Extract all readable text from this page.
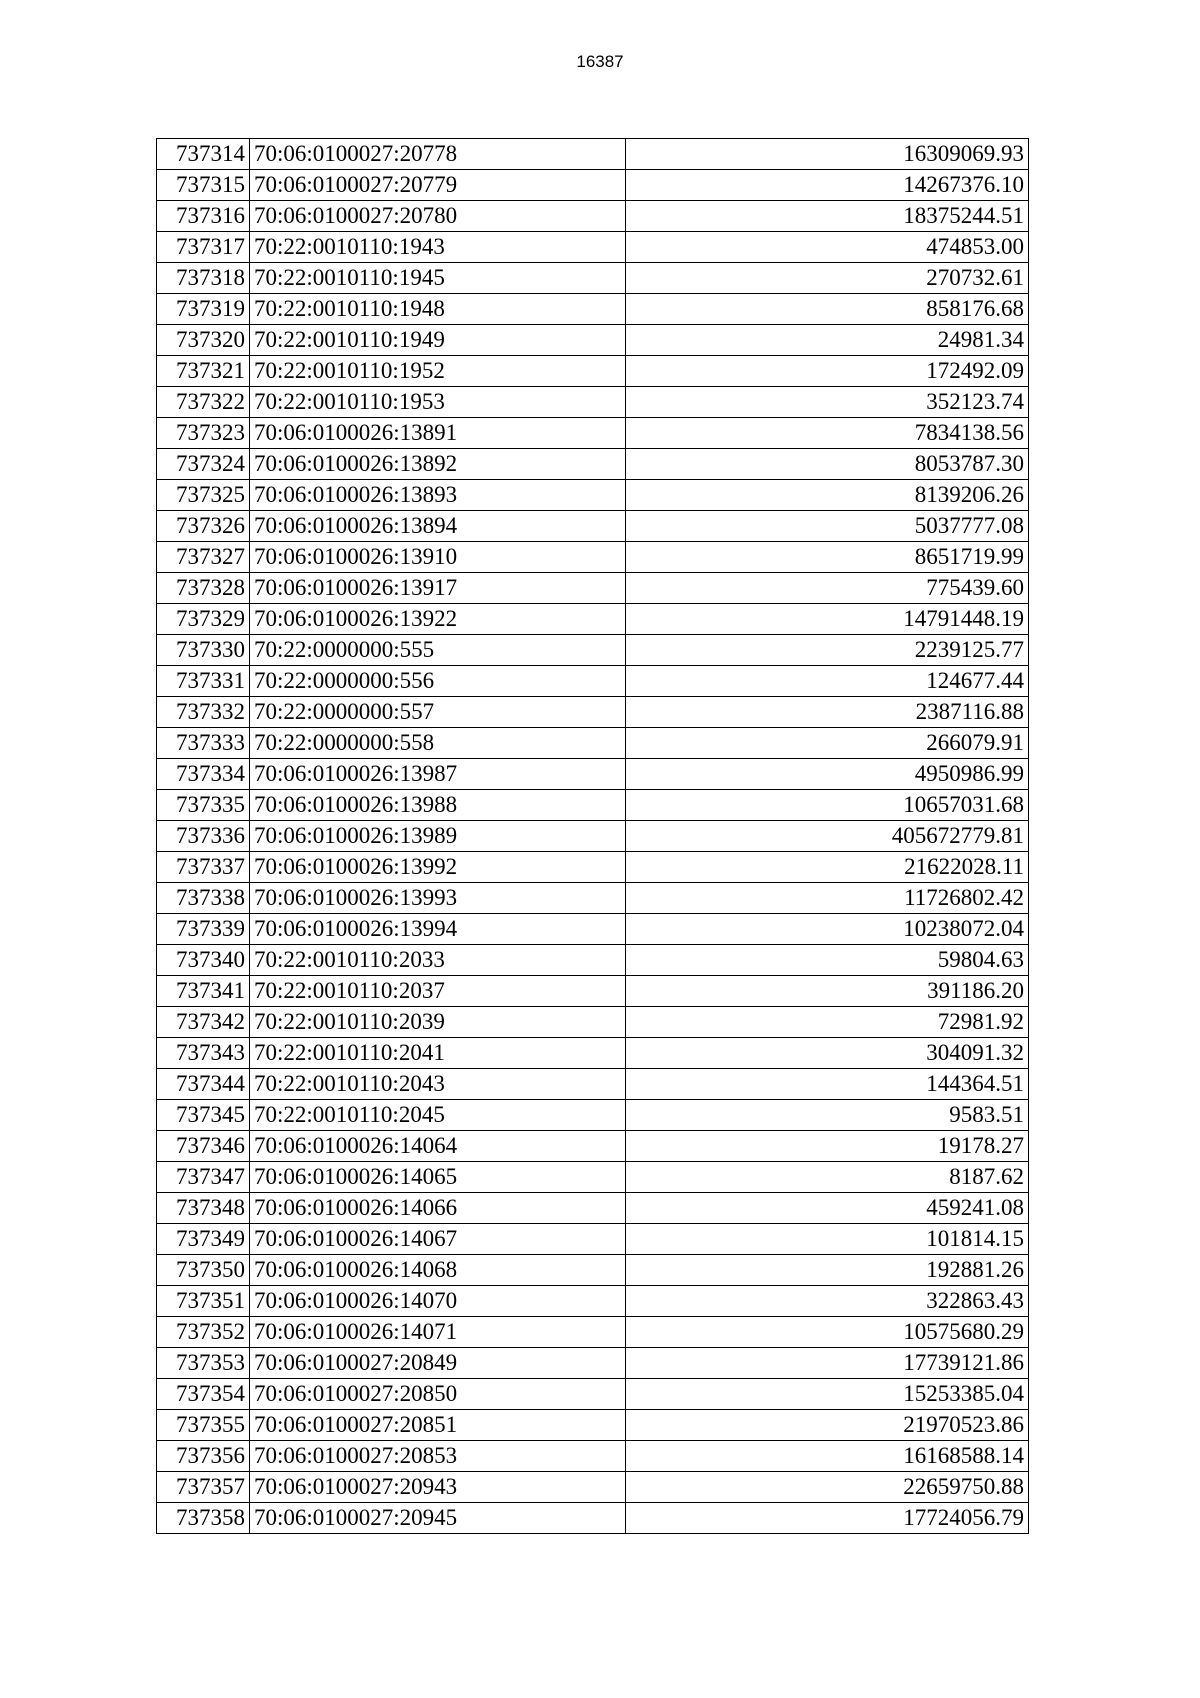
16387
737314	70:06:0100027:20778	16309069.93
737315	70:06:0100027:20779	14267376.10
737316	70:06:0100027:20780	18375244.51
737317	70:22:0010110:1943	474853.00
737318	70:22:0010110:1945	270732.61
737319	70:22:0010110:1948	858176.68
737320	70:22:0010110:1949	24981.34
737321	70:22:0010110:1952	172492.09
737322	70:22:0010110:1953	352123.74
737323	70:06:0100026:13891	7834138.56
737324	70:06:0100026:13892	8053787.30
737325	70:06:0100026:13893	8139206.26
737326	70:06:0100026:13894	5037777.08
737327	70:06:0100026:13910	8651719.99
737328	70:06:0100026:13917	775439.60
737329	70:06:0100026:13922	14791448.19
737330	70:22:0000000:555	2239125.77
737331	70:22:0000000:556	124677.44
737332	70:22:0000000:557	2387116.88
737333	70:22:0000000:558	266079.91
737334	70:06:0100026:13987	4950986.99
737335	70:06:0100026:13988	10657031.68
737336	70:06:0100026:13989	405672779.81
737337	70:06:0100026:13992	21622028.11
737338	70:06:0100026:13993	11726802.42
737339	70:06:0100026:13994	10238072.04
737340	70:22:0010110:2033	59804.63
737341	70:22:0010110:2037	391186.20
737342	70:22:0010110:2039	72981.92
737343	70:22:0010110:2041	304091.32
737344	70:22:0010110:2043	144364.51
737345	70:22:0010110:2045	9583.51
737346	70:06:0100026:14064	19178.27
737347	70:06:0100026:14065	8187.62
737348	70:06:0100026:14066	459241.08
737349	70:06:0100026:14067	101814.15
737350	70:06:0100026:14068	192881.26
737351	70:06:0100026:14070	322863.43
737352	70:06:0100026:14071	10575680.29
737353	70:06:0100027:20849	17739121.86
737354	70:06:0100027:20850	15253385.04
737355	70:06:0100027:20851	21970523.86
737356	70:06:0100027:20853	16168588.14
737357	70:06:0100027:20943	22659750.88
737358	70:06:0100027:20945	17724056.79
